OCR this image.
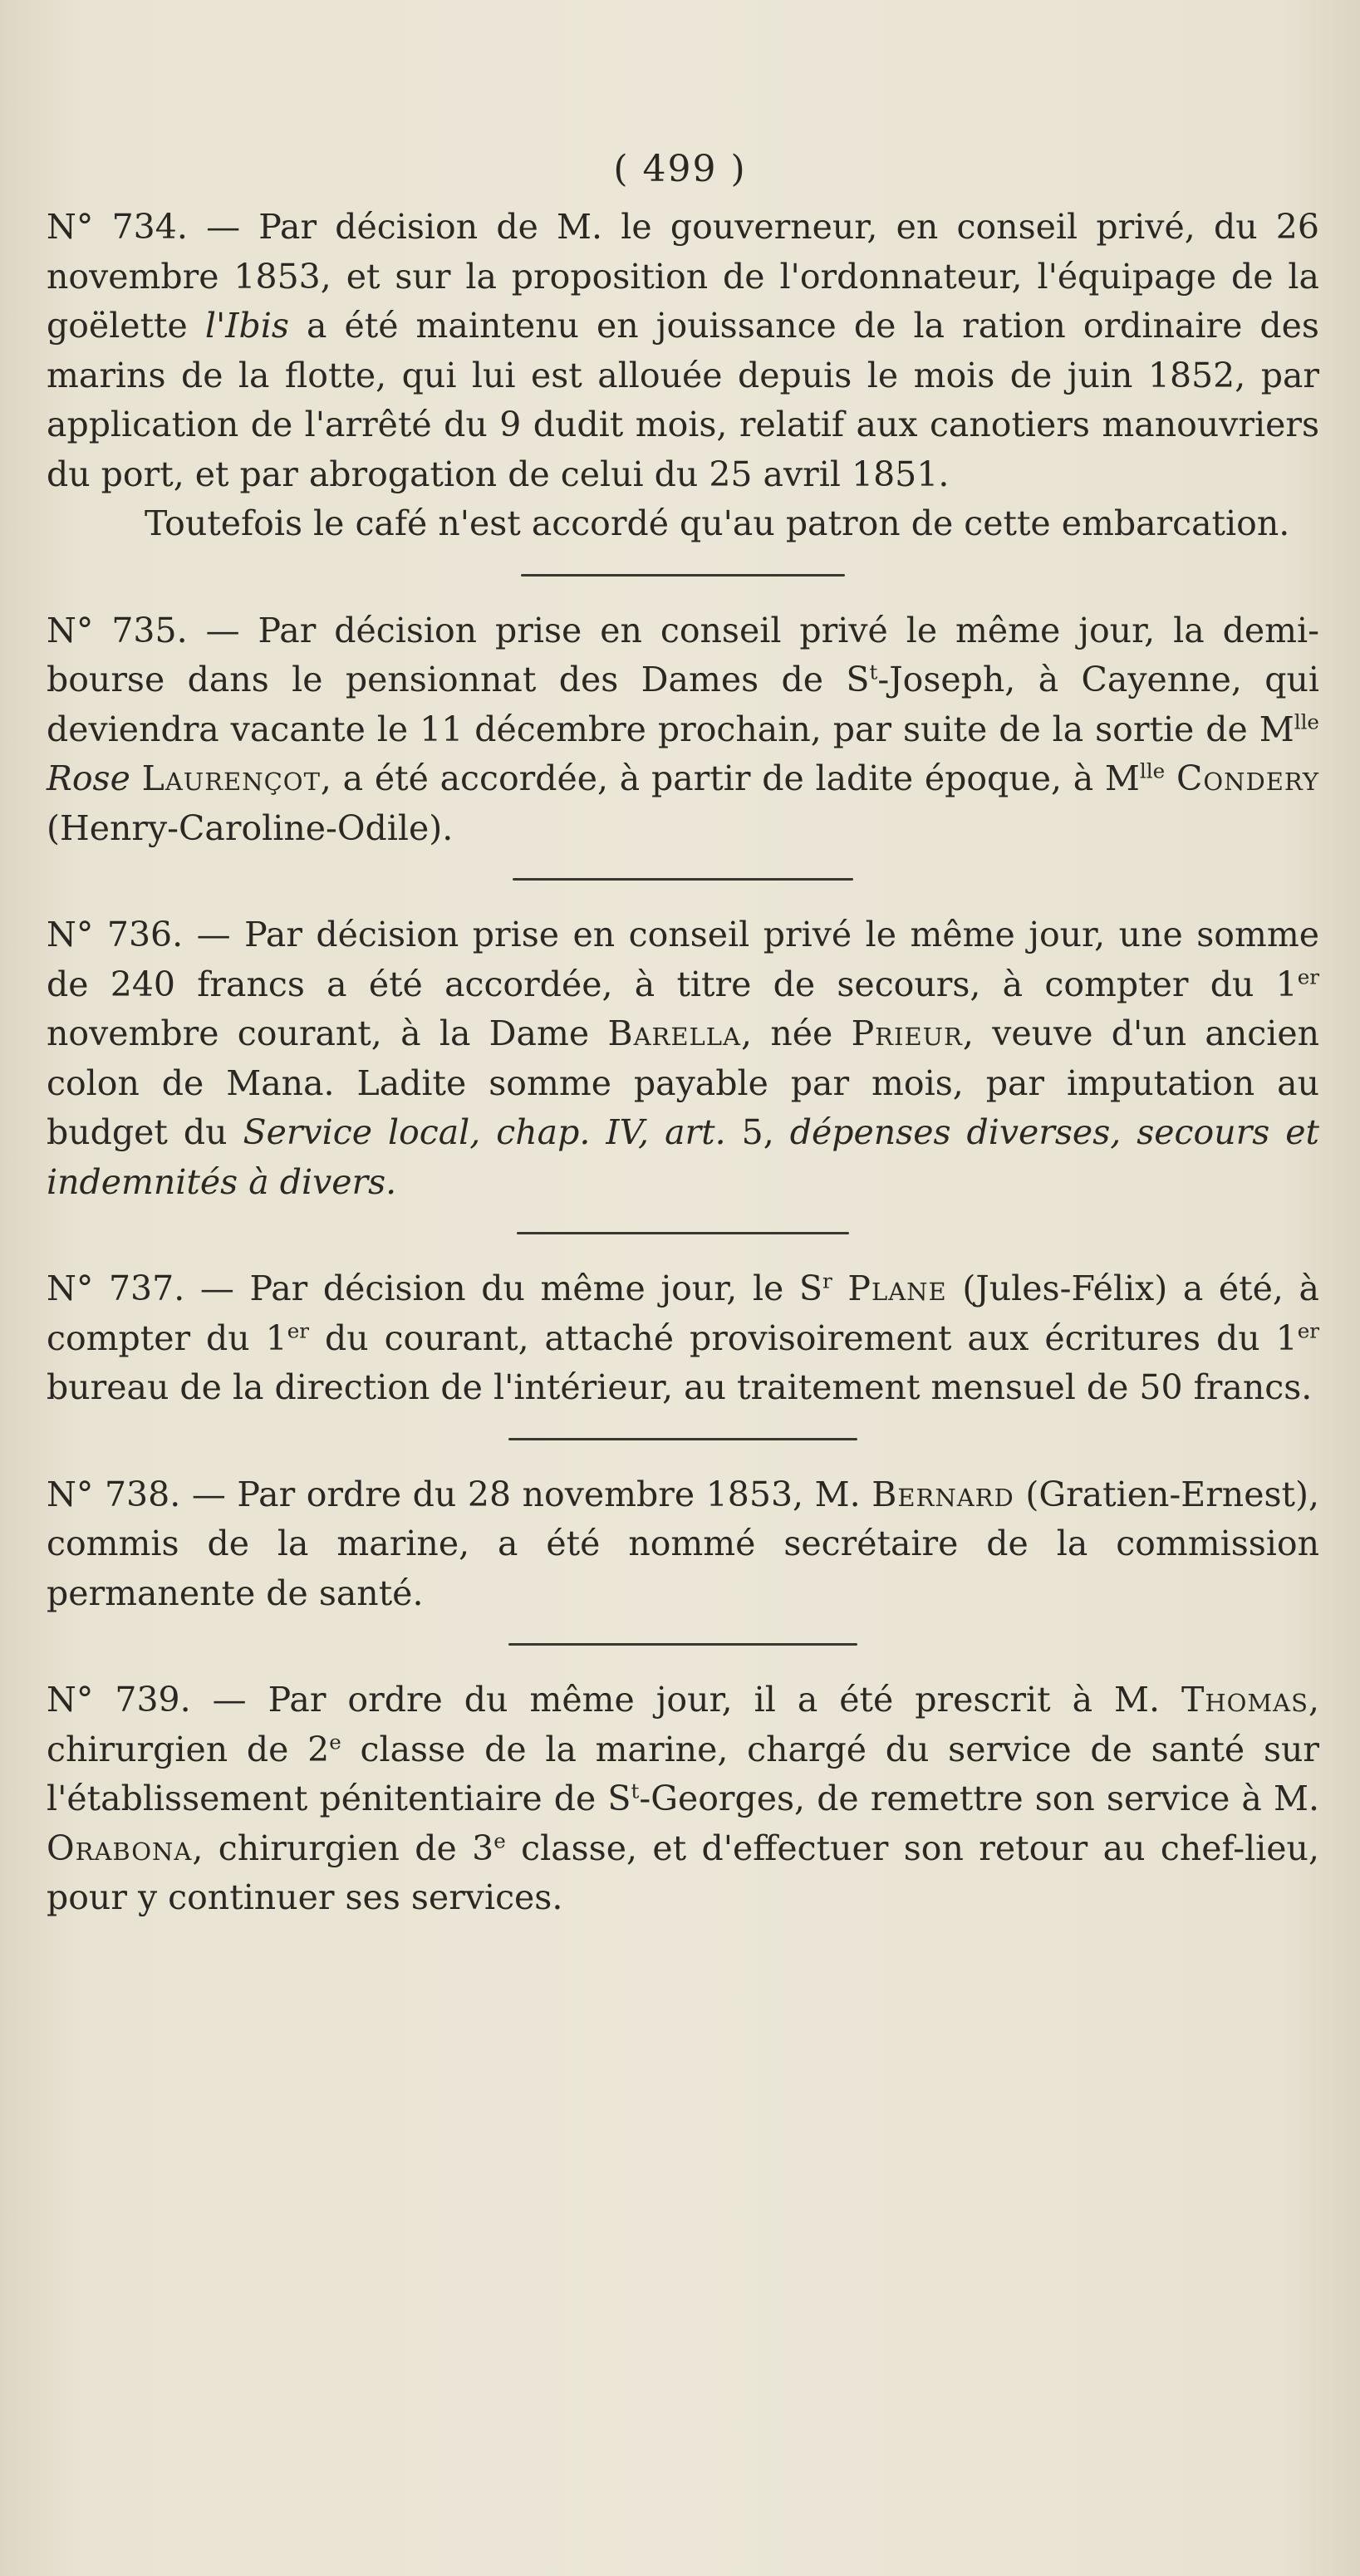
( 499 )

N° 734. — Par décision de M. le gouverneur, en conseil privé, du 26 novembre 1853, et sur la proposition de l'ordonnateur, l'équipage de la goëlette l'Ibis a été maintenu en jouissance de la ration ordinaire des marins de la flotte, qui lui est allouée depuis le mois de juin 1852, par application de l'arrêté du 9 dudit mois, relatif aux canotiers manouvriers du port, et par abrogation de celui du 25 avril 1851.

Toutefois le café n'est accordé qu'au patron de cette embarcation.

N° 735. — Par décision prise en conseil privé le même jour, la demi-bourse dans le pensionnat des Dames de $S^t$-Joseph, à Cayenne, qui deviendra vacante le 11 décembre prochain, par suite de la sortie de $M^{lle}$ Rose Laurençot, a été accordée, à partir de ladite époque, à $M^{lle}$ Condery (Henry-Caroline-Odile).

N° 736. — Par décision prise en conseil privé le même jour, une somme de 240 francs a été accordée, à titre de secours, à compter du 1er novembre courant, à la Dame Barella, née Prieur, veuve d'un ancien colon de Mana. Ladite somme payable par mois, par imputation au budget du Service local, chap. IV, art. 5, dépenses diverses, secours et indemnités à divers.

N° 737. — Par décision du même jour, le $S^r$ Plane (Jules-Félix) a été, à compter du 1er du courant, attaché provisoirement aux écritures du 1er bureau de la direction de l'intérieur, au traitement mensuel de 50 francs.

N° 738. — Par ordre du 28 novembre 1853, M. Bernard (Gratien-Ernest), commis de la marine, a été nommé secrétaire de la commission permanente de santé.

N° 739. — Par ordre du même jour, il a été prescrit à M. Thomas, chirurgien de 2e classe de la marine, chargé du service de santé sur l'établissement pénitentiaire de $S^t$-Georges, de remettre son service à M. Orabona, chirurgien de 3e classe, et d'effectuer son retour au chef-lieu, pour y continuer ses services.
